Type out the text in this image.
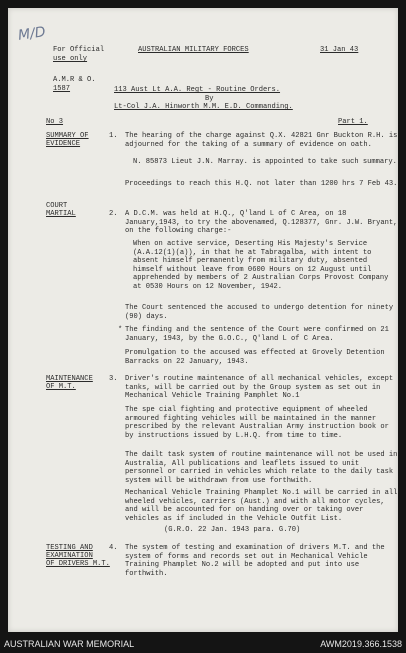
M/D
For Official
use only
AUSTRALIAN MILITARY FORCES	31 Jan 43
A.M.R & O.
1587	113 Aust Lt A.A. Regt - Routine Orders.
By
Lt-Col J.A. Hinworth M.M. E.D. Commanding.
No 3	Part 1.
SUMMARY OF
EVIDENCE
1. The hearing of the charge against Q.X. 42821 Gnr Buckton R.H. is adjourned for the taking of a summary of evidence on oath.
N. 85873 Lieut J.N. Marray. is appointed to take such summary.
Proceedings to reach this H.Q. not later than 1200 hrs 7 Feb 43.
COURT
MARTIAL	2. A D.C.M. was held at H.Q., Q'land L of C Area, on 18 January,1943, to try the abovenamed, Q.128377, Gnr. J.W. Bryant, on the following charge:-
When on active service, Deserting His Majesty's Service (A.A.12(1)(a)), in that he at Tabragalba, with intent to absent himself permanently from military duty, absented himself without leave from 0600 Hours on 12 August until apprehended by members of 2 Australian Corps Provost Company at 0530 Hours on 12 November, 1942.
The Court sentenced the accused to undergo detention for ninety (90) days.
* The finding and the sentence of the Court were confirmed on 21 January, 1943, by the G.O.C., Q'land L of C Area.
Promulgation to the accused was effected at Grovely Detention Barracks on 22 January, 1943.
MAINTENANCE
OF M.T.
3. Driver's routine maintenance of all mechanical vehicles, except tanks, will be carried out by the Group system as set out in Mechanical Vehicle Training Pamphlet No.1
The spe cial fighting and protective equipment of wheeled armoured fighting vehicles will be maintained in the manner prescribed by the relevant Australian Army instruction book or by instructions issued by L.H.Q. from time to time.
The dailt task system of routine maintenance will not be used in Australia, All publications and leaflets issued to unit personnel or carried in vehicles which relate to the daily task system will be withdrawn from use forthwith.
Mechanical Vehicle Training Phamplet No.1 will be carried in all wheeled vehicles, carriers (Aust.) and with all motor cycles, and will be accounted for on handing over or taking over vehicles as if included in the Vehicle Outfit List.
(G.R.O. 22 Jan. 1943 para. G.70)
TESTING AND
EXAMINATION
OF DRIVERS M.T.
4. The system of testing and examination of drivers M.T. and the system of forms and records set out in Mechanical Vehicle Training Phamplet No.2 will be adopted and put into use forthwith.
AUSTRALIAN WAR MEMORIAL	AWM2019.366.1538
